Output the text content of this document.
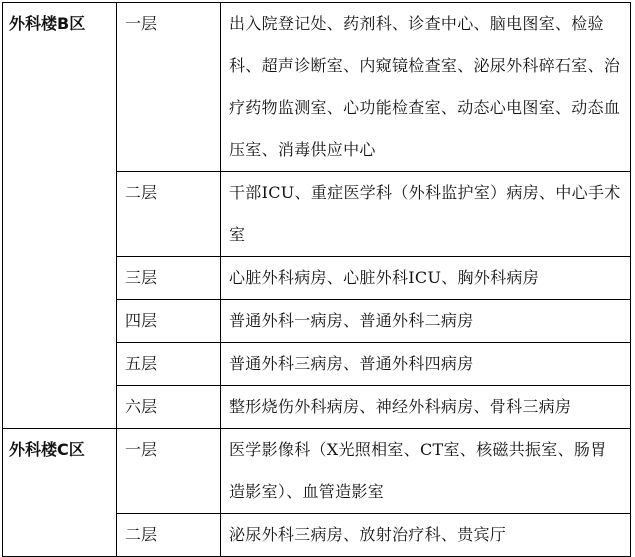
外科楼B区	一层	出入院登记处、药剂科、诊查中心、脑电图室、检验科、超声诊断室、内窥镜检查室、泌尿外科碎石室、治疗药物监测室、心功能检查室、动态心电图室、动态血压室、消毒供应中心
	二层	干部ICU、重症医学科（外科监护室）病房、中心手术室
	三层	心脏外科病房、心脏外科ICU、胸外科病房
	四层	普通外科一病房、普通外科二病房
	五层	普通外科三病房、普通外科四病房
	六层	整形烧伤外科病房、神经外科病房、骨科三病房
外科楼C区	一层	医学影像科（X光照相室、CT室、核磁共振室、肠胃造影室）、血管造影室
	二层	泌尿外科三病房、放射治疗科、贵宾厅
